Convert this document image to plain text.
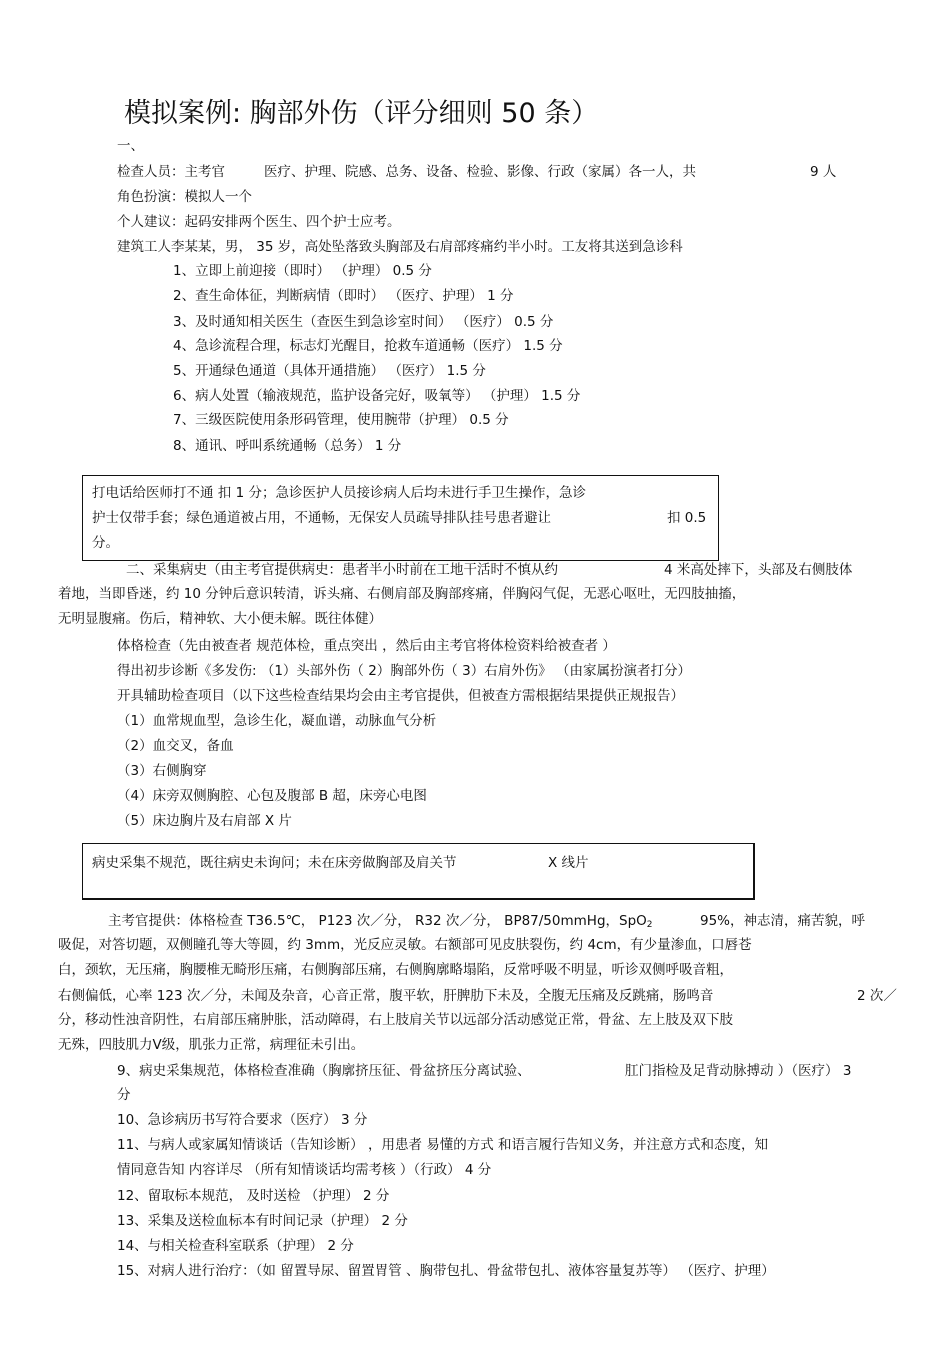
模拟案例: 胸部外伤（评分细则 50 条）
一、
检查人员：主考官	医疗、护理、院感、总务、设备、检验、影像、行政（家属）各一人，共	9 人
角色扮演：模拟人一个
个人建议：起码安排两个医生、四个护士应考。
建筑工人李某某，男， 35 岁，高处坠落致头胸部及右肩部疼痛约半小时。工友将其送到急诊科
1、立即上前迎接（即时） （护理） 0.5 分
2、查生命体征，判断病情（即时） （医疗、护理） 1 分
3、及时通知相关医生（查医生到急诊室时间） （医疗） 0.5 分
4、急诊流程合理，标志灯光醒目，抢救车道通畅（医疗） 1.5 分
5、开通绿色通道（具体开通措施） （医疗） 1.5 分
6、病人处置（输液规范，监护设备完好，吸氧等） （护理） 1.5 分
7、三级医院使用条形码管理，使用腕带（护理） 0.5 分
8、通讯、呼叫系统通畅（总务） 1 分
打电话给医师打不通 扣 1 分；急诊医护人员接诊病人后均未进行手卫生操作，急诊
护士仅带手套；绿色通道被占用，不通畅，无保安人员疏导排队挂号患者避让	扣 0.5
分。
二、采集病史（由主考官提供病史：患者半小时前在工地干活时不慎从约	4 米高处摔下，头部及右侧肢体
着地，当即昏迷，约 10 分钟后意识转清，诉头痛、右侧肩部及胸部疼痛，伴胸闷气促，无恶心呕吐，无四肢抽搐，
无明显腹痛。伤后，精神软、大小便未解。既往体健）
体格检查（先由被查者 规范体检，重点突出 ，然后由主考官将体检资料给被查者 ）
得出初步诊断《多发伤: （1）头部外伤（ 2）胸部外伤（ 3）右肩外伤》 （由家属扮演者打分）
开具辅助检查项目（以下这些检查结果均会由主考官提供，但被查方需根据结果提供正规报告）
（1）血常规血型，急诊生化，凝血谱，动脉血气分析
（2）血交叉，备血
（3）右侧胸穿
（4）床旁双侧胸腔、心包及腹部 B 超，床旁心电图
（5）床边胸片及右肩部 X 片
病史采集不规范，既往病史未询问；未在床旁做胸部及肩关节	X 线片
主考官提供：体格检查 T36.5℃， P123 次／分， R32 次／分， BP87/50mmHg，SpO$_2$	95%，神志清，痛苦貌，呼
吸促，对答切题，双侧瞳孔等大等圆，约 3mm，光反应灵敏。右额部可见皮肤裂伤，约 4cm，有少量渗血，口唇苍
白，颈软，无压痛，胸腰椎无畸形压痛，右侧胸部压痛，右侧胸廓略塌陷，反常呼吸不明显，听诊双侧呼吸音粗，
右侧偏低，心率 123 次／分，未闻及杂音，心音正常，腹平软，肝脾肋下未及，全腹无压痛及反跳痛，肠鸣音	2 次／
分，移动性浊音阴性，右肩部压痛肿胀，活动障碍，右上肢肩关节以远部分活动感觉正常，骨盆、左上肢及双下肢
无殊，四肢肌力Ⅴ级，肌张力正常，病理征未引出。
9、病史采集规范，体格检查准确（胸廓挤压征、骨盆挤压分离试验、	肛门指检及足背动脉搏动 ）（医疗） 3
分
10、急诊病历书写符合要求（医疗） 3 分
11、与病人或家属知情谈话（告知诊断） ，用患者 易懂的方式 和语言履行告知义务，并注意方式和态度，知
情同意告知 内容详尽 （所有知情谈话均需考核 ）（行政） 4 分
12、留取标本规范， 及时送检 （护理） 2 分
13、采集及送检血标本有时间记录（护理） 2 分
14、与相关检查科室联系（护理） 2 分
15、对病人进行治疗：（如 留置导尿、留置胃管 、胸带包扎、骨盆带包扎、液体容量复苏等） （医疗、护理）
